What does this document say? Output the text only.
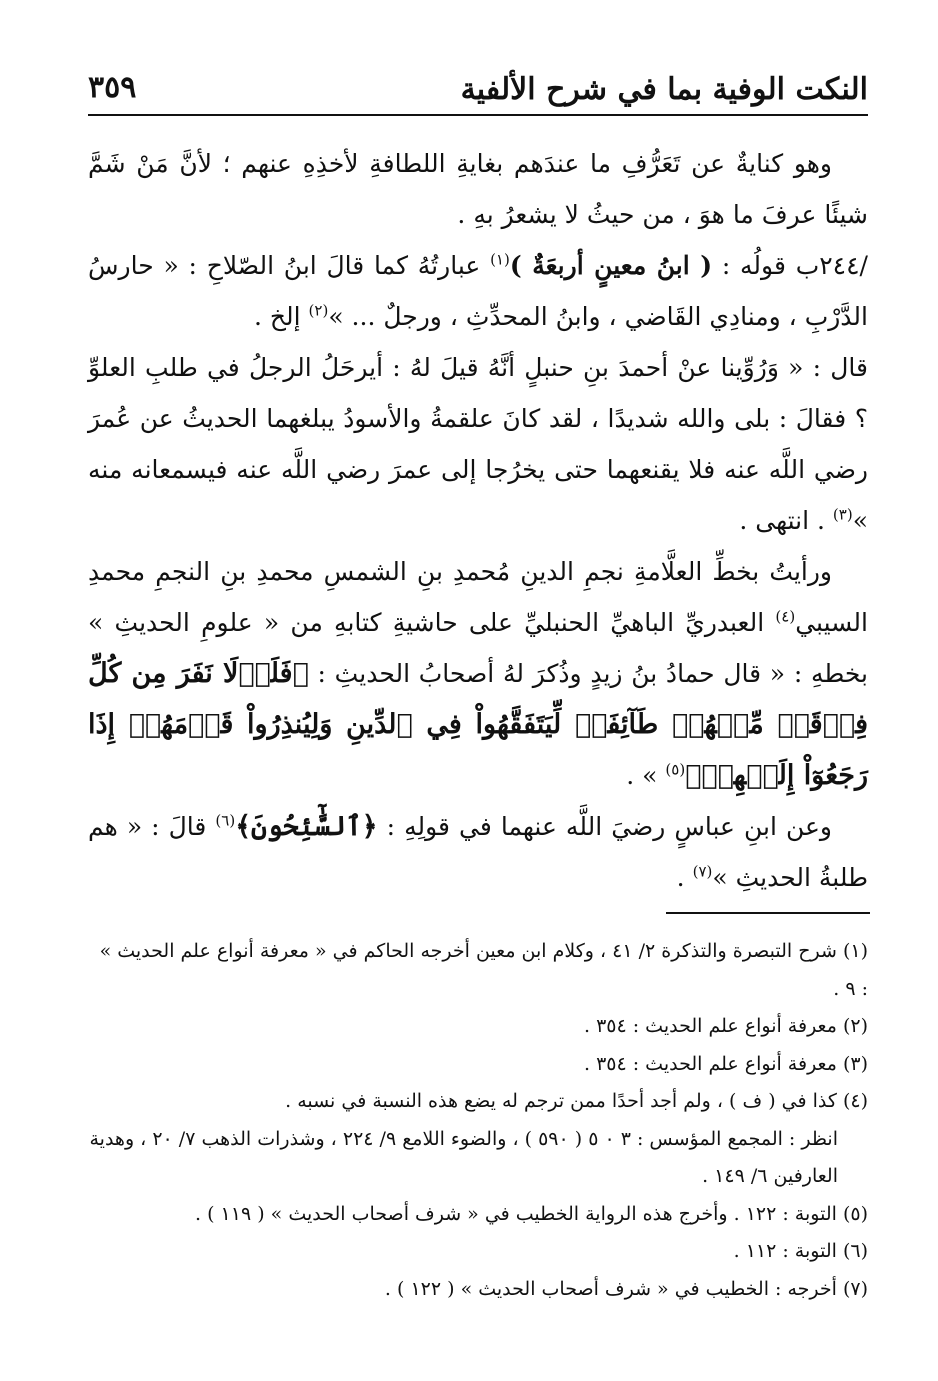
النكت الوفية بما في شرح الألفية
٣٥٩

وهو كنايةٌ عن تَعَرُّفِ ما عندَهم بغايةِ اللطافةِ لأخذِهِ عنهم ؛ لأنَّ مَنْ شَمَّ شيئًا عرفَ ما هوَ ، من حيثُ لا يشعرُ بهِ .

/٢٤٤ب قولُه : ( ابنُ معينٍ أربعَةٌ )$^{(١)}$ عبارتُهُ كما قالَ ابنُ الصّلاحِ : « حارسُ الدَّرْبِ ، ومنادِي القَاضي ، وابنُ المحدِّثِ ، ورجلٌ ... »$^{(٢)}$ إلخ .

قال : « وَرُوِّينا عنْ أحمدَ بنِ حنبلٍ أنَّهُ قيلَ لهُ : أيرحَلُ الرجلُ في طلبِ العلوِّ ؟ فقالَ : بلى والله شديدًا ، لقد كانَ علقمةُ والأسودُ يبلغهما الحديثُ عن عُمرَ رضي اللَّه عنه فلا يقنعهما حتى يخرُجا إلى عمرَ رضي اللَّه عنه فيسمعانه منه »$^{(٣)}$ . انتهى .

ورأيتُ بخطِّ العلَّامةِ نجمِ الدينِ مُحمدِ بنِ الشمسِ محمدِ بنِ النجمِ محمدِ السيبي$^{(٤)}$ العبدريِّ الباهيِّ الحنبليِّ على حاشيةِ كتابهِ من « علومِ الحديثِ » بخطهِ : « قال حمادُ بنُ زيدٍ وذُكرَ لهُ أصحابُ الحديثِ : ﴿فَلَوۡلَا نَفَرَ مِن كُلِّ فِرۡقَةٖ مِّنۡهُمۡ طَآئِفَةٞ لِّيَتَفَقَّهُواْ فِي ٱلدِّينِ وَلِيُنذِرُواْ قَوۡمَهُمۡ إِذَا رَجَعُوٓاْ إِلَيۡهِمۡ﴾$^{(٥)}$ » .

وعن ابنِ عباسٍ رضيَ اللَّه عنهما في قولِهِ : ﴿ٱلسَّٰٓئِحُونَ﴾$^{(٦)}$ قالَ : « هم طلبةُ الحديثِ »$^{(٧)}$ .

(١) شرح التبصرة والتذكرة ٢/ ٤١ ، وكلام ابن معين أخرجه الحاكم في « معرفة أنواع علم الحديث » : ٩ .

(٢) معرفة أنواع علم الحديث : ٣٥٤ .

(٣) معرفة أنواع علم الحديث : ٣٥٤ .

(٤) كذا في ( ف ) ، ولم أجد أحدًا ممن ترجم له يضع هذه النسبة في نسبه .

انظر : المجمع المؤسس : ٣ ٠ ٥ ( ٥٩٠ ) ، والضوء اللامع ٩/ ٢٢٤ ، وشذرات الذهب ٧/ ٢٠ ، وهدية العارفين ٦/ ١٤٩ .

(٥) التوبة : ١٢٢ . وأخرج هذه الرواية الخطيب في « شرف أصحاب الحديث » ( ١١٩ ) .

(٦) التوبة : ١١٢ .

(٧) أخرجه : الخطيب في « شرف أصحاب الحديث » ( ١٢٢ ) .
